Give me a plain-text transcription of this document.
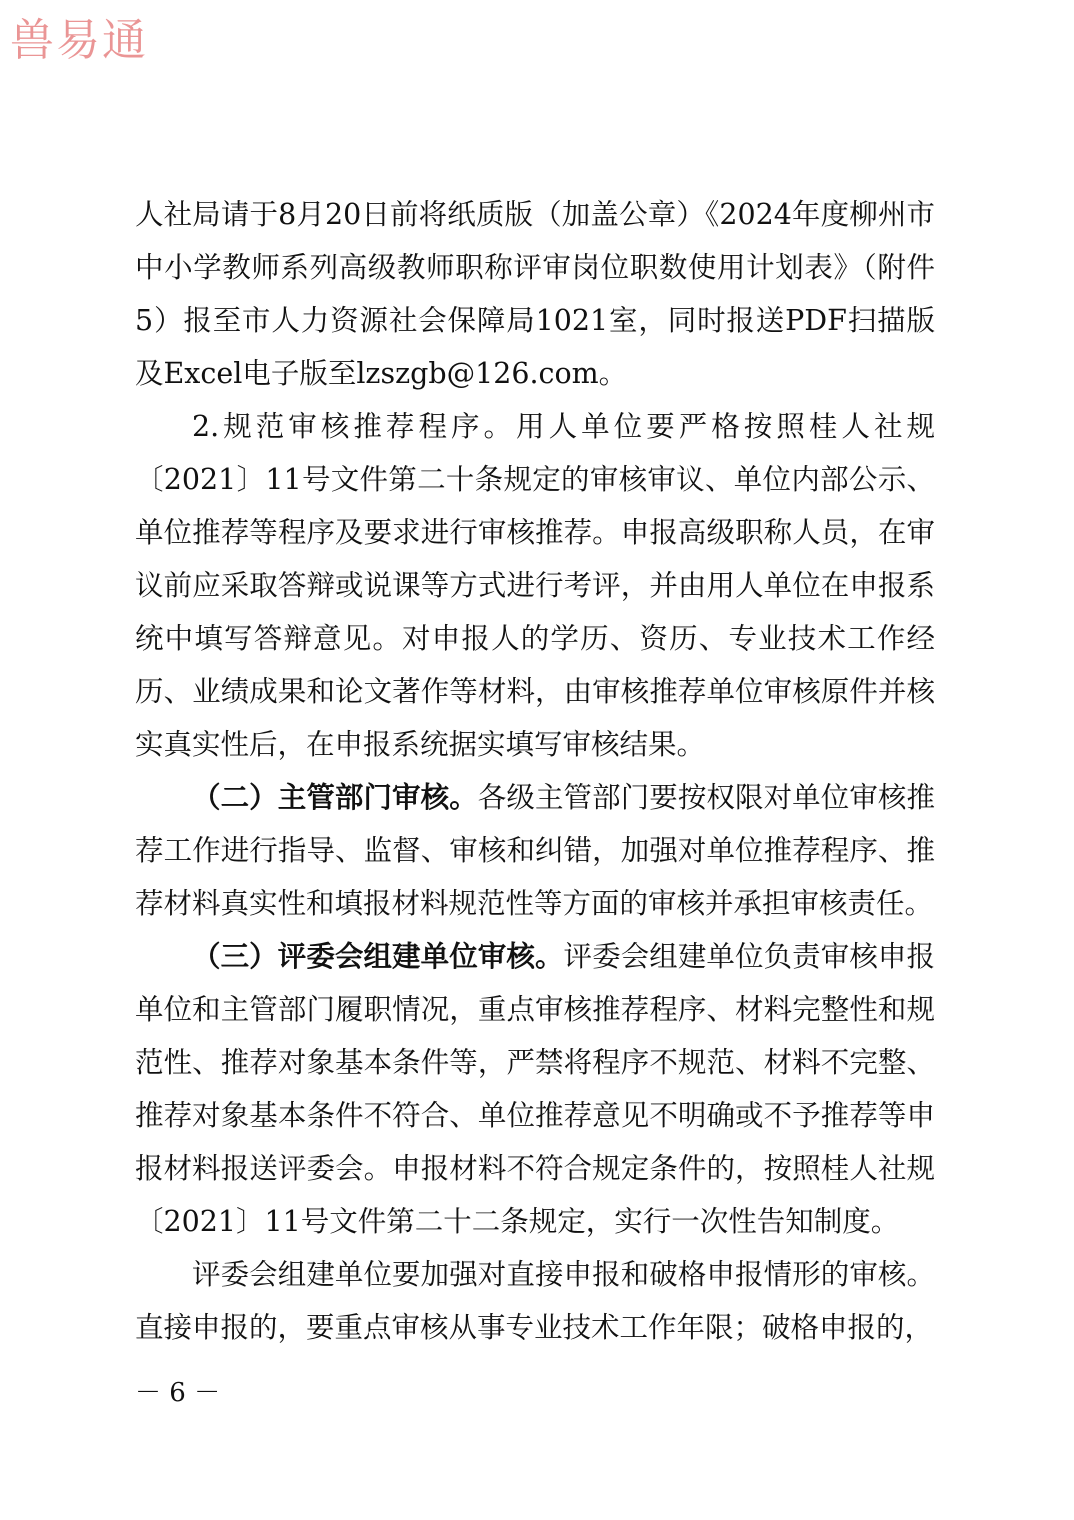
兽易通

人社局请于8月20日前将纸质版（加盖公章）《2024年度柳州市中小学教师系列高级教师职称评审岗位职数使用计划表》（附件5）报至市人力资源社会保障局1021室，同时报送PDF扫描版及Excel电子版至lzszgb@126.com。

2.规范审核推荐程序。用人单位要严格按照桂人社规〔2021〕11号文件第二十条规定的审核审议、单位内部公示、单位推荐等程序及要求进行审核推荐。申报高级职称人员，在审议前应采取答辩或说课等方式进行考评，并由用人单位在申报系统中填写答辩意见。对申报人的学历、资历、专业技术工作经历、业绩成果和论文著作等材料，由审核推荐单位审核原件并核实真实性后，在申报系统据实填写审核结果。

（二）主管部门审核。各级主管部门要按权限对单位审核推荐工作进行指导、监督、审核和纠错，加强对单位推荐程序、推荐材料真实性和填报材料规范性等方面的审核并承担审核责任。

（三）评委会组建单位审核。评委会组建单位负责审核申报单位和主管部门履职情况，重点审核推荐程序、材料完整性和规范性、推荐对象基本条件等，严禁将程序不规范、材料不完整、推荐对象基本条件不符合、单位推荐意见不明确或不予推荐等申报材料报送评委会。申报材料不符合规定条件的，按照桂人社规〔2021〕11号文件第二十二条规定，实行一次性告知制度。

评委会组建单位要加强对直接申报和破格申报情形的审核。直接申报的，要重点审核从事专业技术工作年限；破格申报的，

－ 6 －
